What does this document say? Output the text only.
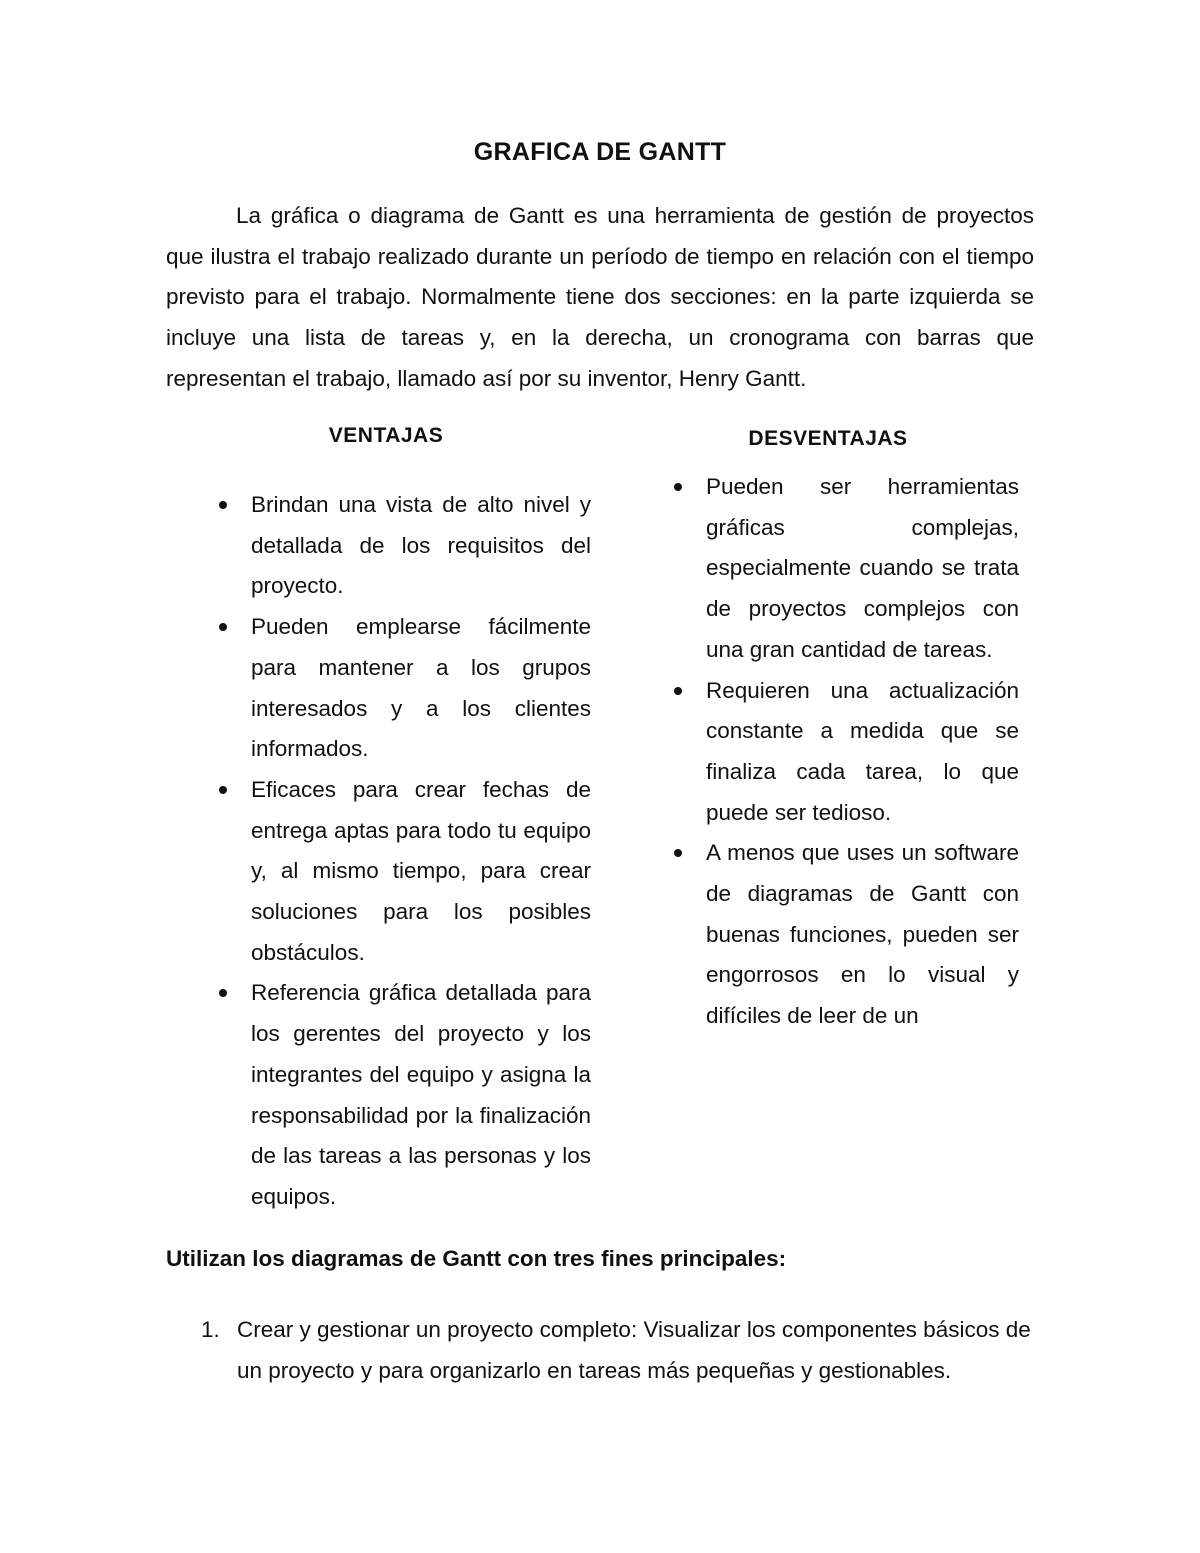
GRAFICA DE GANTT

La gráfica o diagrama de Gantt es una herramienta de gestión de proyectos que ilustra el trabajo realizado durante un período de tiempo en relación con el tiempo previsto para el trabajo. Normalmente tiene dos secciones: en la parte izquierda se incluye una lista de tareas y, en la derecha, un cronograma con barras que representan el trabajo, llamado así por su inventor, Henry Gantt.

VENTAJAS	DESVENTAJAS
Brindan una vista de alto nivel y detallada de los requisitos del proyecto.
Pueden emplearse fácilmente para mantener a los grupos interesados y a los clientes informados.
Eficaces para crear fechas de entrega aptas para todo tu equipo y, al mismo tiempo, para crear soluciones para los posibles obstáculos.
Referencia gráfica detallada para los gerentes del proyecto y los integrantes del equipo y asigna la responsabilidad por la finalización de las tareas a las personas y los equipos.
Pueden ser herramientas gráficas complejas, especialmente cuando se trata de proyectos complejos con una gran cantidad de tareas.
Requieren una actualización constante a medida que se finaliza cada tarea, lo que puede ser tedioso.
A menos que uses un software de diagramas de Gantt con buenas funciones, pueden ser engorrosos en lo visual y difíciles de leer de un
Utilizan los diagramas de Gantt con tres fines principales:
1. Crear y gestionar un proyecto completo: Visualizar los componentes básicos de un proyecto y para organizarlo en tareas más pequeñas y gestionables.
